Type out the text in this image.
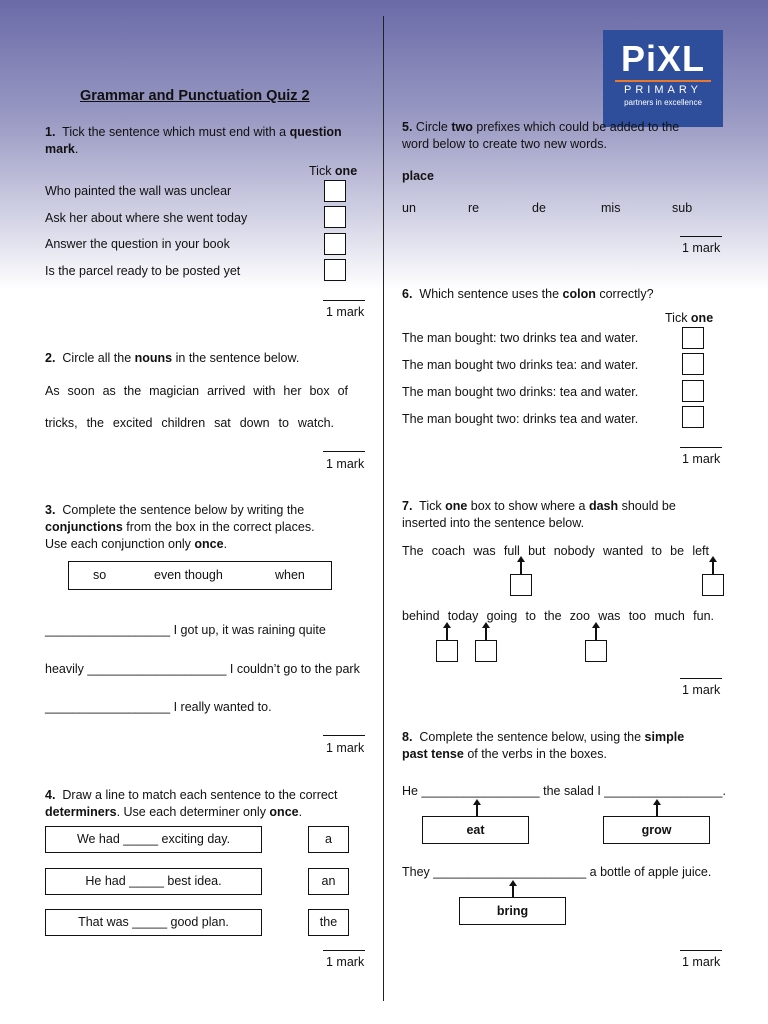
PiXL
PRIMARY
partners in excellence
Grammar and Punctuation Quiz 2
1. Tick the sentence which must end with a question mark.
Tick one
Who painted the wall was unclear
Ask her about where she went today
Answer the question in your book
Is the parcel ready to be posted yet
1 mark
2. Circle all the nouns in the sentence below.
As soon as the magician arrived with her box of
tricks, the excited children sat down to watch.
1 mark
3. Complete the sentence below by writing the
conjunctions from the box in the correct places.
Use each conjunction only once.
so	even though	when
__________________ I got up, it was raining quite
heavily ____________________ I couldn’t go to the park
__________________ I really wanted to.
1 mark
4. Draw a line to match each sentence to the correct
determiners. Use each determiner only once.
We had _____ exciting day.
He had _____ best idea.
That was _____ good plan.
a
an
the
1 mark
5. Circle two prefixes which could be added to the
word below to create two new words.
place
un	re	de	mis	sub
1 mark
6. Which sentence uses the colon correctly?
Tick one
The man bought: two drinks tea and water.
The man bought two drinks tea: and water.
The man bought two drinks: tea and water.
The man bought two: drinks tea and water.
1 mark
7. Tick one box to show where a dash should be
inserted into the sentence below.
The coach was full but nobody wanted to be left
behind today going to the zoo was too much fun.
1 mark
8. Complete the sentence below, using the simple
past tense of the verbs in the boxes.
He _________________ the salad I _________________.
eat	grow
They ______________________ a bottle of apple juice.
bring
1 mark
